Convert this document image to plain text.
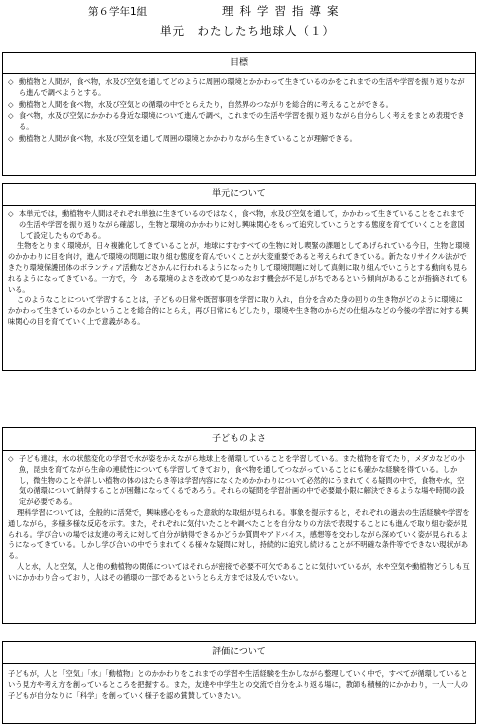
第６学年1組	理科学習指導案
単元　わたしたち地球人（１）
目標
◇ 動植物と人間が，食べ物，水及び空気を通してどのように周囲の環境とかかわって生きているのかをこれまでの生活や学習を振り返りながら進んで調べようとする。
◇ 動植物と人間を食べ物，水及び空気との循環の中でとらえたり，自然界のつながりを総合的に考えることができる。
◇ 食べ物，水及び空気にかかわる身近な環境について進んで調べ，これまでの生活や学習を振り返りながら自分らしく考えをまとめ表現できる。
◇ 動植物と人間が食べ物，水及び空気を通して周囲の環境とかかわりながら生きていることが理解できる。
単元について

◇ 本単元では，動植物や人間はそれぞれ単独に生きているのではなく，食べ物，水及び空気を通して，かかわって生きていることをこれまでの生活や学習を振り返りながら確認し，生物と環境のかかわりに対し興味関心をもって追究していこうとする態度を育てていくことを意図して設定したものである。

生物をとりまく環境が，日々複雑化してきていることが，地球にすむすべての生物に対し喫緊の課題としてあげられている今日，生物と環境のかかわりに目を向け，進んで環境の問題に取り組む態度を育んでいくことが大変重要であると考えられてきている。新たなリサイクル法ができたり環境保護団体のボランティア活動などさかんに行われるようになったりして環境問題に対して真剣に取り組んでいこうとする動向も見られるようになってきている。一方で，今　ある環境のよさを改めて見つめなおす機会が不足しがちであるという傾向があることが指摘されてもいる。

このようなことについて学習することは，子どもの日常や既習事項を学習に取り入れ，自分を含めた身の回りの生き物がどのように環境にかかわって生きているのかということを総合的にとらえ，再び日常にもどしたり，環境や生き物のからだの仕組みなどの今後の学習に対する興味関心の目を育てていく上で意義がある。

子どものよさ

◇ 子ども達は，水の状態変化の学習で水が姿をかえながら地球上を循環していることを学習している。また植物を育てたり，メダカなどの小魚，昆虫を育てながら生命の連続性についても学習してきており，食べ物を通してつながっていることにも確かな経験を得ている。しかし，微生物のことや詳しい植物の体のはたらき等は学習内容になくためかかわりについて必然的にうまれてくる疑問の中で，食物や水，空気の循環について納得することが困難になってくるであろう。それらの疑問を学習計画の中で必要最小限に解決できるような場や時間の設定が必要である。

理科学習については，全般的に活発で，興味感心をもった意欲的な取組が見られる。事象を提示すると，それぞれの過去の生活経験や学習を通しながら，多様多様な反応を示す。また，それぞれに気付いたことや調べたことを自分なりの方法で表現することにも進んで取り組む姿が見られる。学び合いの場では友達の考えに対して自分が納得できるかどうか質問やアドバイス，感想等を交わしながら深めていく姿が見られるようになってきている。しかし学び合いの中でうまれてくる様々な疑問に対し，持続的に追究し続けることが不明確な条件等でできない現状がある。

人と水，人と空気，人と他の動植物の関係についてはそれらが密接で必要不可欠であることに気付いているが，水や空気や動植物どうしも互いにかかわり合っており，人はその循環の一部であるというとらえ方までは及んでいない。

評価について

子どもが，人と「空気」「水」「動植物」とのかかわりをこれまでの学習や生活経験を生かしながら整理していく中で，すべてが循環しているという見方や考え方を創っているところを把握する。また，友達や中学生との交流で自分をふり返る場に，教師も積極的にかかわり，一人一人の子どもが自分なりに「科学」を創っていく様子を認め賞賛していきたい。
